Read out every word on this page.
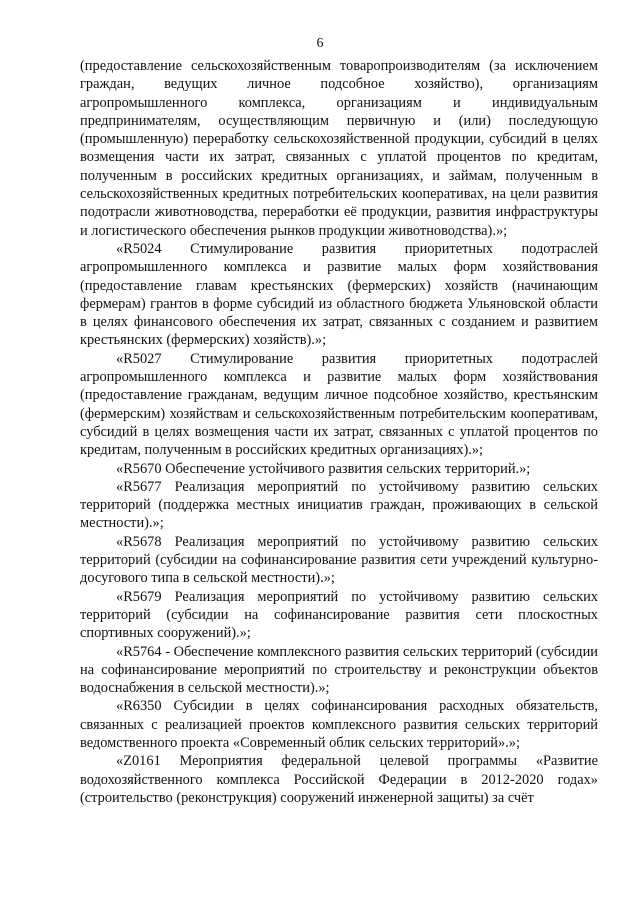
6

(предоставление сельскохозяйственным товаропроизводителям (за исключением граждан, ведущих личное подсобное хозяйство), организациям агропромышленного комплекса, организациям и индивидуальным предпринимателям, осуществляющим первичную и (или) последующую (промышленную) переработку сельскохозяйственной продукции, субсидий в целях возмещения части их затрат, связанных с уплатой процентов по кредитам, полученным в российских кредитных организациях, и займам, полученным в сельскохозяйственных кредитных потребительских кооперативах, на цели развития подотрасли животноводства, переработки её продукции, развития инфраструктуры и логистического обеспечения рынков продукции животноводства).»;

«R5024 Стимулирование развития приоритетных подотраслей агропромышленного комплекса и развитие малых форм хозяйствования (предоставление главам крестьянских (фермерских) хозяйств (начинающим фермерам) грантов в форме субсидий из областного бюджета Ульяновской области в целях финансового обеспечения их затрат, связанных с созданием и развитием крестьянских (фермерских) хозяйств).»;

«R5027 Стимулирование развития приоритетных подотраслей агропромышленного комплекса и развитие малых форм хозяйствования (предоставление гражданам, ведущим личное подсобное хозяйство, крестьянским (фермерским) хозяйствам и сельскохозяйственным потребительским кооперативам, субсидий в целях возмещения части их затрат, связанных с уплатой процентов по кредитам, полученным в российских кредитных организациях).»;

«R5670 Обеспечение устойчивого развития сельских территорий.»;

«R5677 Реализация мероприятий по устойчивому развитию сельских территорий (поддержка местных инициатив граждан, проживающих в сельской местности).»;

«R5678 Реализация мероприятий по устойчивому развитию сельских территорий (субсидии на софинансирование развития сети учреждений культурно-досугового типа в сельской местности).»;

«R5679 Реализация мероприятий по устойчивому развитию сельских территорий (субсидии на софинансирование развития сети плоскостных спортивных сооружений).»;

«R5764 - Обеспечение комплексного развития сельских территорий (субсидии на софинансирование мероприятий по строительству и реконструкции объектов водоснабжения в сельской местности).»;

«R6350 Субсидии в целях софинансирования расходных обязательств, связанных с реализацией проектов комплексного развития сельских территорий ведомственного проекта «Современный облик сельских территорий».»;

«Z0161 Мероприятия федеральной целевой программы «Развитие водохозяйственного комплекса Российской Федерации в 2012-2020 годах» (строительство (реконструкция) сооружений инженерной защиты) за счёт
